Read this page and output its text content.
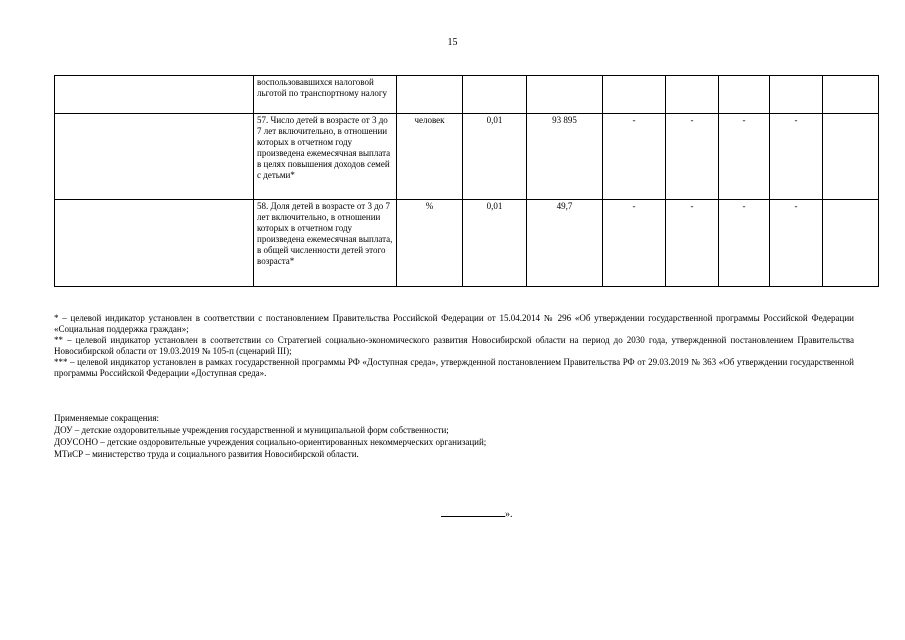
15
	воспользовавшихся налоговой льготой по транспортному налогу								
	57. Число детей в возрасте от 3 до 7 лет включительно, в отношении которых в отчетном году произведена ежемесячная выплата в целях повышения доходов семей с детьми*	человек	0,01	93 895	-	-	-	-	
	58. Доля детей в возрасте от 3 до 7 лет включительно, в отношении которых в отчетном году произведена ежемесячная выплата, в общей численности детей этого возраста*	%	0,01	49,7	-	-	-	-	

* – целевой индикатор установлен в соответствии с постановлением Правительства Российской Федерации от 15.04.2014 № 296 «Об утверждении государственной программы Российской Федерации «Социальная поддержка граждан»;

** – целевой индикатор установлен в соответствии со Стратегией социально-экономического развития Новосибирской области на период до 2030 года, утвержденной постановлением Правительства Новосибирской области от 19.03.2019 № 105-п (сценарий III);

*** – целевой индикатор установлен в рамках государственной программы РФ «Доступная среда», утвержденной постановлением Правительства РФ от 29.03.2019 № 363 «Об утверждении государственной программы Российской Федерации «Доступная среда».

Применяемые сокращения:

ДОУ – детские оздоровительные учреждения государственной и муниципальной форм собственности;

ДОУСОНО – детские оздоровительные учреждения социально-ориентированных некоммерческих организаций;

МТиСР – министерство труда и социального развития Новосибирской области.

».
